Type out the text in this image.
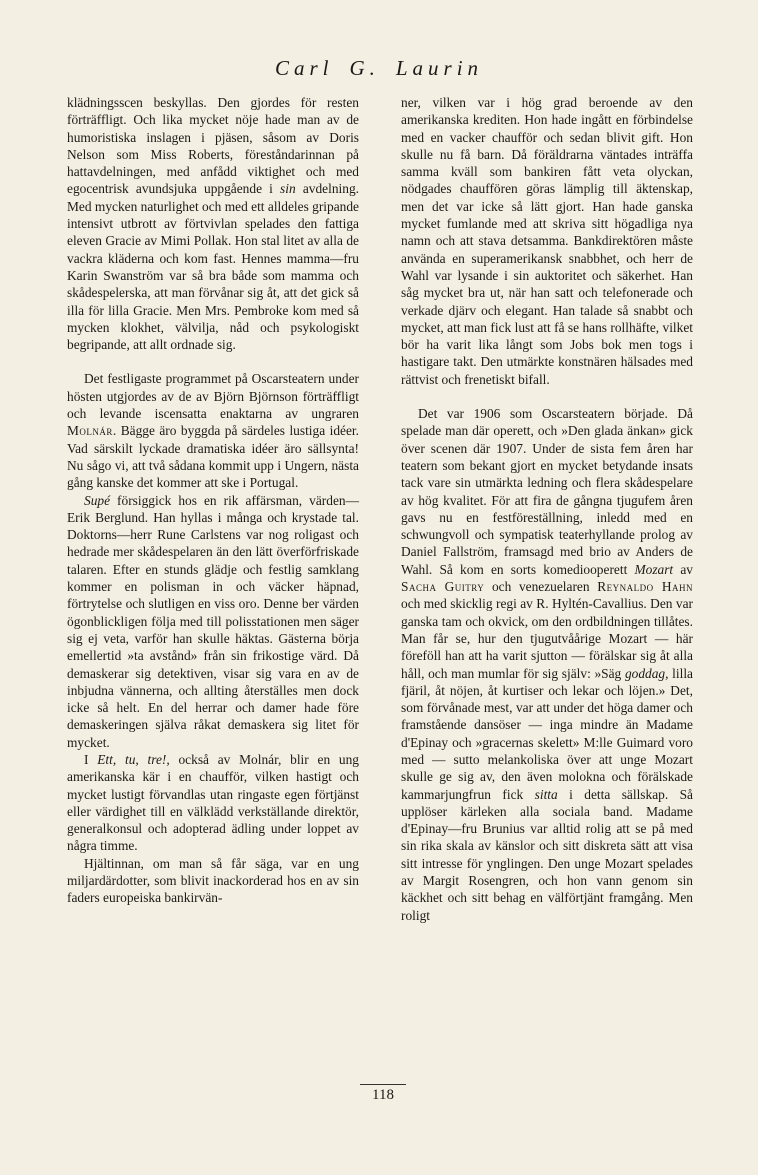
Carl G. Laurin

klädningsscen beskyllas. Den gjordes för resten förträffligt. Och lika mycket nöje hade man av de humoristiska inslagen i pjäsen, såsom av Doris Nelson som Miss Roberts, föreståndarinnan på hattavdelningen, med anfådd viktighet och med egocentrisk avundsjuka uppgående i sin avdelning. Med mycken naturlighet och med ett alldeles gripande intensivt utbrott av förtvivlan spelades den fattiga eleven Gracie av Mimi Pollak. Hon stal litet av alla de vackra kläderna och kom fast. Hennes mamma—fru Karin Swanström var så bra både som mamma och skådespelerska, att man förvånar sig åt, att det gick så illa för lilla Gracie. Men Mrs. Pembroke kom med så mycken klokhet, välvilja, nåd och psykologiskt begripande, att allt ordnade sig.

Det festligaste programmet på Oscarsteatern under hösten utgjordes av de av Björn Björnson förträffligt och levande iscensatta enaktarna av ungraren Molnár. Bägge äro byggda på särdeles lustiga idéer. Vad särskilt lyckade dramatiska idéer äro sällsynta! Nu sågo vi, att två sådana kommit upp i Ungern, nästa gång kanske det kommer att ske i Portugal.

Supé försiggick hos en rik affärsman, värden—Erik Berglund. Han hyllas i många och krystade tal. Doktorns—herr Rune Carlstens var nog roligast och hedrade mer skådespelaren än den lätt överförfriskade talaren. Efter en stunds glädje och festlig samklang kommer en polisman in och väcker häpnad, förtrytelse och slutligen en viss oro. Denne ber värden ögonblickligen följa med till polisstationen men säger sig ej veta, varför han skulle häktas. Gästerna börja emellertid »ta avstånd» från sin frikostige värd. Då demaskerar sig detektiven, visar sig vara en av de inbjudna vännerna, och allting återställes men dock icke så helt. En del herrar och damer hade före demaskeringen själva råkat demaskera sig litet för mycket.

I Ett, tu, tre!, också av Molnár, blir en ung amerikanska kär i en chaufför, vilken hastigt och mycket lustigt förvandlas utan ringaste egen förtjänst eller värdighet till en välklädd verkställande direktör, generalkonsul och adopterad ädling under loppet av några timme.

Hjältinnan, om man så får säga, var en ung miljardärdotter, som blivit inackorderad hos en av sin faders europeiska bankirvän-

ner, vilken var i hög grad beroende av den amerikanska krediten. Hon hade ingått en förbindelse med en vacker chaufför och sedan blivit gift. Hon skulle nu få barn. Då föräldrarna väntades inträffa samma kväll som bankiren fått veta olyckan, nödgades chauffören göras lämplig till äktenskap, men det var icke så lätt gjort. Han hade ganska mycket fumlande med att skriva sitt högadliga nya namn och att stava detsamma. Bankdirektören måste använda en superamerikansk snabbhet, och herr de Wahl var lysande i sin auktoritet och säkerhet. Han såg mycket bra ut, när han satt och telefonerade och verkade djärv och elegant. Han talade så snabbt och mycket, att man fick lust att få se hans rollhäfte, vilket bör ha varit lika långt som Jobs bok men togs i hastigare takt. Den utmärkte konstnären hälsades med rättvist och frenetiskt bifall.

Det var 1906 som Oscarsteatern började. Då spelade man där operett, och »Den glada änkan» gick över scenen där 1907. Under de sista fem åren har teatern som bekant gjort en mycket betydande insats tack vare sin utmärkta ledning och flera skådespelare av hög kvalitet. För att fira de gångna tjugufem åren gavs nu en festföreställning, inledd med en schwungvoll och sympatisk teaterhyllande prolog av Daniel Fallström, framsagd med brio av Anders de Wahl. Så kom en sorts komediooperett Mozart av Sacha Guitry och venezuelaren Reynaldo Hahn och med skicklig regi av R. Hyltén-Cavallius. Den var ganska tam och okvick, om den ordbildningen tillåtes. Man får se, hur den tjugutvåårige Mozart — här föreföll han att ha varit sjutton — förälskar sig åt alla håll, och man mumlar för sig själv: »Säg goddag, lilla fjäril, åt nöjen, åt kurtiser och lekar och löjen.» Det, som förvånade mest, var att under det höga damer och framstående dansöser — inga mindre än Madame d'Epinay och »gracernas skelett» M:lle Guimard voro med — sutto melankoliska över att unge Mozart skulle ge sig av, den även molokna och förälskade kammarjungfrun fick sitta i detta sällskap. Så upplöser kärleken alla sociala band. Madame d'Epinay—fru Brunius var alltid rolig att se på med sin rika skala av känslor och sitt diskreta sätt att visa sitt intresse för ynglingen. Den unge Mozart spelades av Margit Rosengren, och hon vann genom sin käckhet och sitt behag en välförtjänt framgång. Men roligt

118
